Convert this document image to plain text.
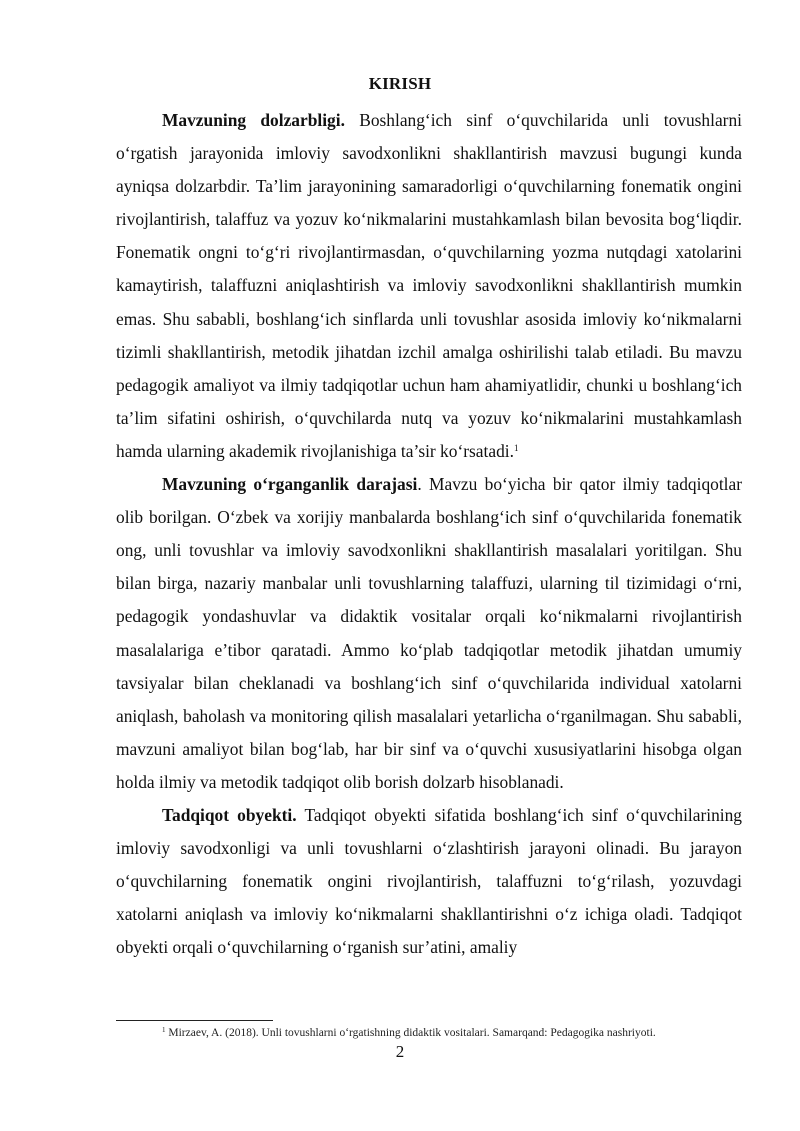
KIRISH

Mavzuning dolzarbligi. Boshlang‘ich sinf o‘quvchilarida unli tovushlarni o‘rgatish jarayonida imloviy savodxonlikni shakllantirish mavzusi bugungi kunda ayniqsa dolzarbdir. Ta’lim jarayonining samaradorligi o‘quvchilarning fonematik ongini rivojlantirish, talaffuz va yozuv ko‘nikmalarini mustahkamlash bilan bevosita bog‘liqdir. Fonematik ongni to‘g‘ri rivojlantirmasdan, o‘quvchilarning yozma nutqdagi xatolarini kamaytirish, talaffuzni aniqlashtirish va imloviy savodxonlikni shakllantirish mumkin emas. Shu sababli, boshlang‘ich sinflarda unli tovushlar asosida imloviy ko‘nikmalarni tizimli shakllantirish, metodik jihatdan izchil amalga oshirilishi talab etiladi. Bu mavzu pedagogik amaliyot va ilmiy tadqiqotlar uchun ham ahamiyatlidir, chunki u boshlang‘ich ta’lim sifatini oshirish, o‘quvchilarda nutq va yozuv ko‘nikmalarini mustahkamlash hamda ularning akademik rivojlanishiga ta’sir ko‘rsatadi.$^1$

Mavzuning o‘rganganlik darajasi. Mavzu bo‘yicha bir qator ilmiy tadqiqotlar olib borilgan. O‘zbek va xorijiy manbalarda boshlang‘ich sinf o‘quvchilarida fonematik ong, unli tovushlar va imloviy savodxonlikni shakllantirish masalalari yoritilgan. Shu bilan birga, nazariy manbalar unli tovushlarning talaffuzi, ularning til tizimidagi o‘rni, pedagogik yondashuvlar va didaktik vositalar orqali ko‘nikmalarni rivojlantirish masalalariga e’tibor qaratadi. Ammo ko‘plab tadqiqotlar metodik jihatdan umumiy tavsiyalar bilan cheklanadi va boshlang‘ich sinf o‘quvchilarida individual xatolarni aniqlash, baholash va monitoring qilish masalalari yetarlicha o‘rganilmagan. Shu sababli, mavzuni amaliyot bilan bog‘lab, har bir sinf va o‘quvchi xususiyatlarini hisobga olgan holda ilmiy va metodik tadqiqot olib borish dolzarb hisoblanadi.

Tadqiqot obyekti. Tadqiqot obyekti sifatida boshlang‘ich sinf o‘quvchilarining imloviy savodxonligi va unli tovushlarni o‘zlashtirish jarayoni olinadi. Bu jarayon o‘quvchilarning fonematik ongini rivojlantirish, talaffuzni to‘g‘rilash, yozuvdagi xatolarni aniqlash va imloviy ko‘nikmalarni shakllantirishni o‘z ichiga oladi. Tadqiqot obyekti orqali o‘quvchilarning o‘rganish sur’atini, amaliy

$^1$ Mirzaev, A. (2018). Unli tovushlarni o‘rgatishning didaktik vositalari. Samarqand: Pedagogika nashriyoti.
2
